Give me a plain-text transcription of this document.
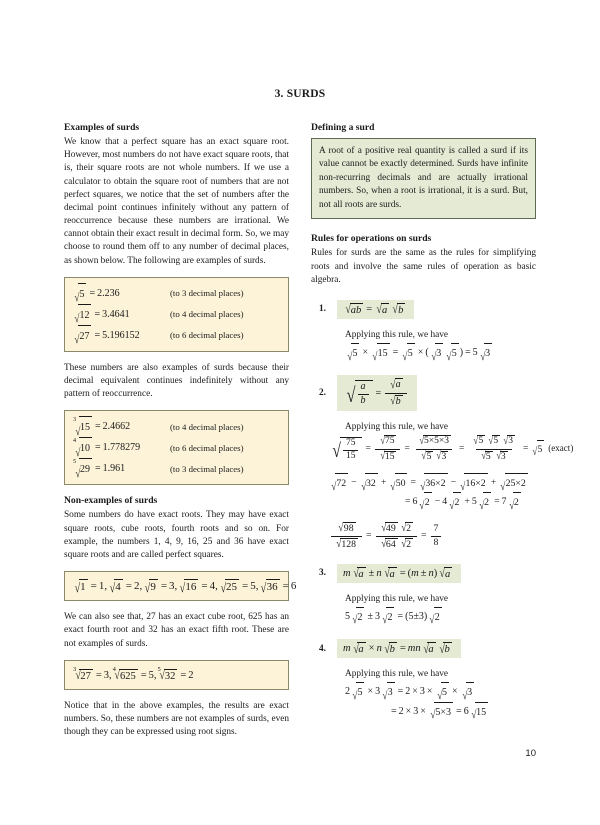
3. SURDS
Examples of surds

We know that a perfect square has an exact square root. However, most numbers do not have exact square roots, that is, their square roots are not whole numbers. If we use a calculator to obtain the square root of numbers that are not perfect squares, we notice that the set of numbers after the decimal point continues infinitely without any pattern of reoccurrence because these numbers are irrational. We cannot obtain their exact result in decimal form. So, we may choose to round them off to any number of decimal places, as shown below. The following are examples of surds.

√ 5 = 2.236	(to 3 decimal places)
√ 12 = 3.4641	(to 4 decimal places)
√ 27 = 5.196152	(to 6 decimal places)

These numbers are also examples of surds because their decimal equivalent continues indefinitely without any pattern of reoccurrence.

3
√ 15 = 2.4662	(to 4 decimal places)
4
√ 10 = 1.778279	(to 6 decimal places)
5
√ 29 = 1.961	(to 3 decimal places)
Non-examples of surds

Some numbers do have exact roots. They may have exact square roots, cube roots, fourth roots and so on. For example, the numbers 1, 4, 9, 16, 25 and 36 have exact square roots and are called perfect squares.

√ 1 = 1 , √ 4 = 2 , √ 9 = 3 , √ 16 = 4 , √ 25 = 5 , √ 36 = 6

We can also see that, 27 has an exact cube root, 625 has an exact fourth root and 32 has an exact fifth root. These are not examples of surds.

3
√ 27 = 3 ,
4
√ 625 = 5 ,
5
√ 32 = 2

Notice that in the above examples, the results are exact numbers. So, these numbers are not examples of surds, even though they can be expressed using root signs.

Defining a surd
A root of a positive real quantity is called a surd if its value cannot be exactly determined. Surds have infinite non-recurring decimals and are actually irrational numbers. So, when a root is irrational, it is a surd. But, not all roots are surds.
Rules for operations on surds

Rules for surds are the same as the rules for simplifying roots and involve the same rules of operation as basic algebra.

1.	√ ab = √ a √ b
Applying this rule, we have
√ 5 × √ 15 = √ 5 × ( √ 3 √ 5 ) = 5 √ 3
2. √ $\frac{a}{b} = \frac{√ a}{√ b}$
Applying this rule, we have
√ $\frac{75}{15} = \frac{√ 75}{√ 15} = \frac{√ 5\times 5\times 3}{√ 5 √ 3} = \frac{√ 5 √ 5 √ 3}{√ 5 √ 3}$ = √ 5 (exact)
√ 72 − √ 32 + √ 50 = √ 36×2 − √ 16×2 + √ 25×2
= 6 √ 2 − 4 √ 2 + 5 √ 2 = 7 √ 2
$\frac{√ 98}{√ 128} = \frac{√ 49 √ 2}{√ 64 √ 2} = \frac{7}{8}$
3.	m √ a ± n √ a = ( m ± n ) √ a
Applying this rule, we have
5 √ 2 ± 3 √ 2 = (5±3) √ 2
4.	m √ a × n √ b = mn √ a √ b
Applying this rule, we have
2 √ 5 × 3 √ 3 = 2 × 3 × √ 5 × √ 3
= 2 × 3 × √ 5×3 = 6 √ 15
10
